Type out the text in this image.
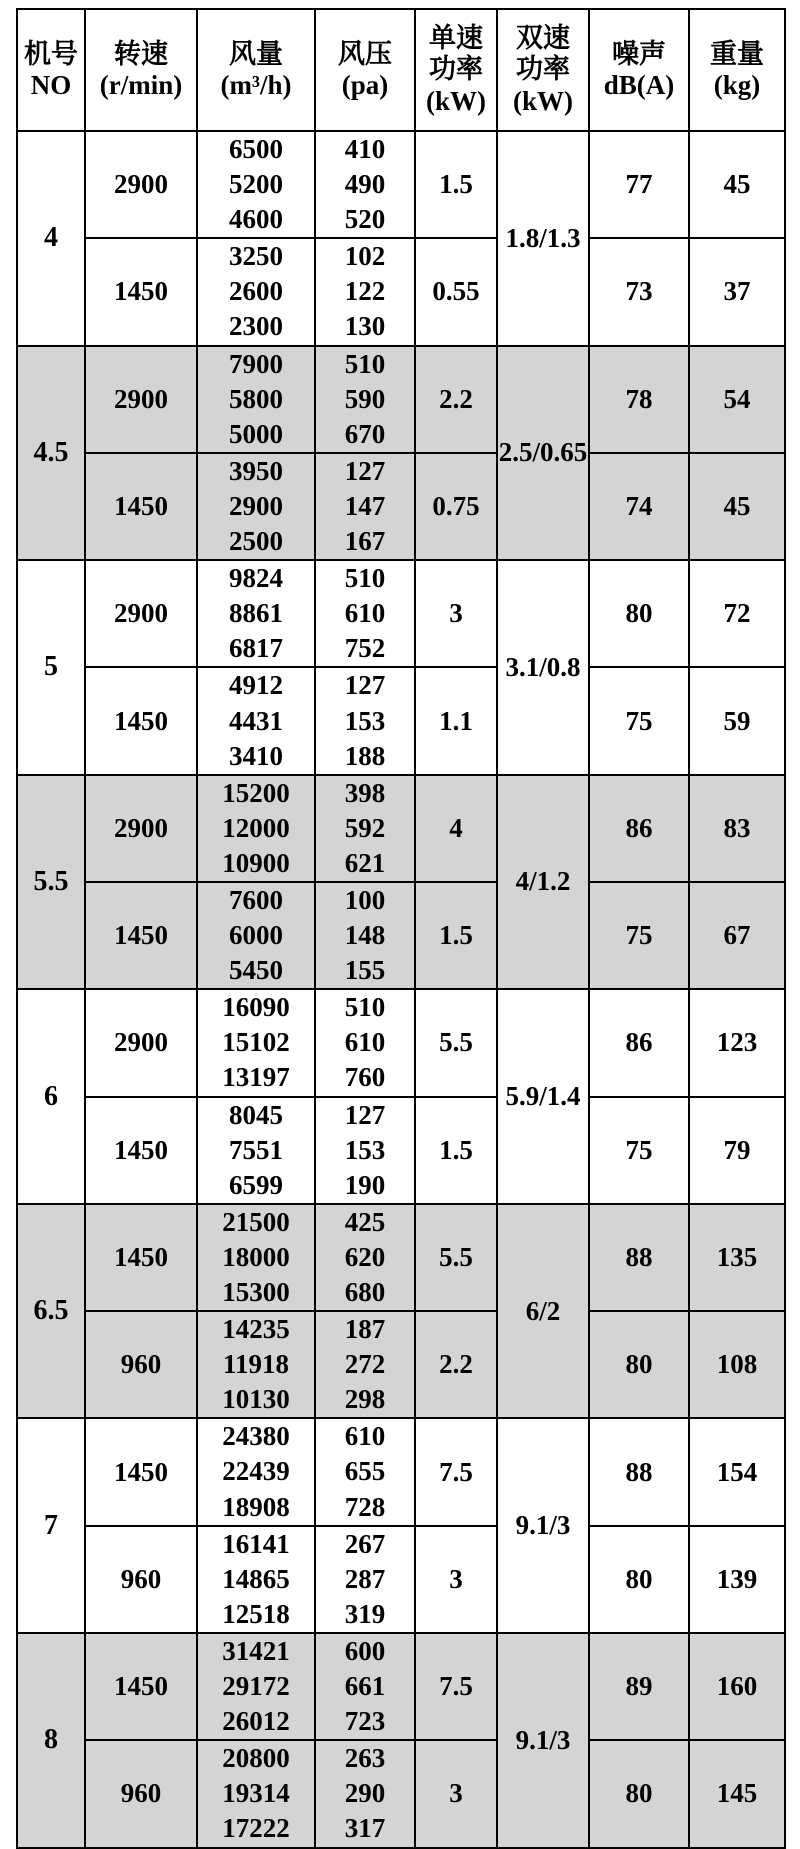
机号
NO	转速
(r/min)	风量
(m³/h)	风压
(pa)	单速
功率
(kW)	双速
功率
(kW)	噪声
dB(A)	重量
(kg)

4	2900	6500
5200
4600	410
490
520	1.5	1.8/1.3	77	45
	1450	3250
2600
2300	102
122
130	0.55		73	37
4.5	2900	7900
5800
5000	510
590
670	2.2	2.5/0.65	78	54
	1450	3950
2900
2500	127
147
167	0.75		74	45
5	2900	9824
8861
6817	510
610
752	3	3.1/0.8	80	72
	1450	4912
4431
3410	127
153
188	1.1		75	59
5.5	2900	15200
12000
10900	398
592
621	4	4/1.2	86	83
	1450	7600
6000
5450	100
148
155	1.5		75	67
6	2900	16090
15102
13197	510
610
760	5.5	5.9/1.4	86	123
	1450	8045
7551
6599	127
153
190	1.5		75	79
6.5	1450	21500
18000
15300	425
620
680	5.5	6/2	88	135
	960	14235
11918
10130	187
272
298	2.2		80	108
7	1450	24380
22439
18908	610
655
728	7.5	9.1/3	88	154
	960	16141
14865
12518	267
287
319	3		80	139
8	1450	31421
29172
26012	600
661
723	7.5	9.1/3	89	160
	960	20800
19314
17222	263
290
317	3		80	145
